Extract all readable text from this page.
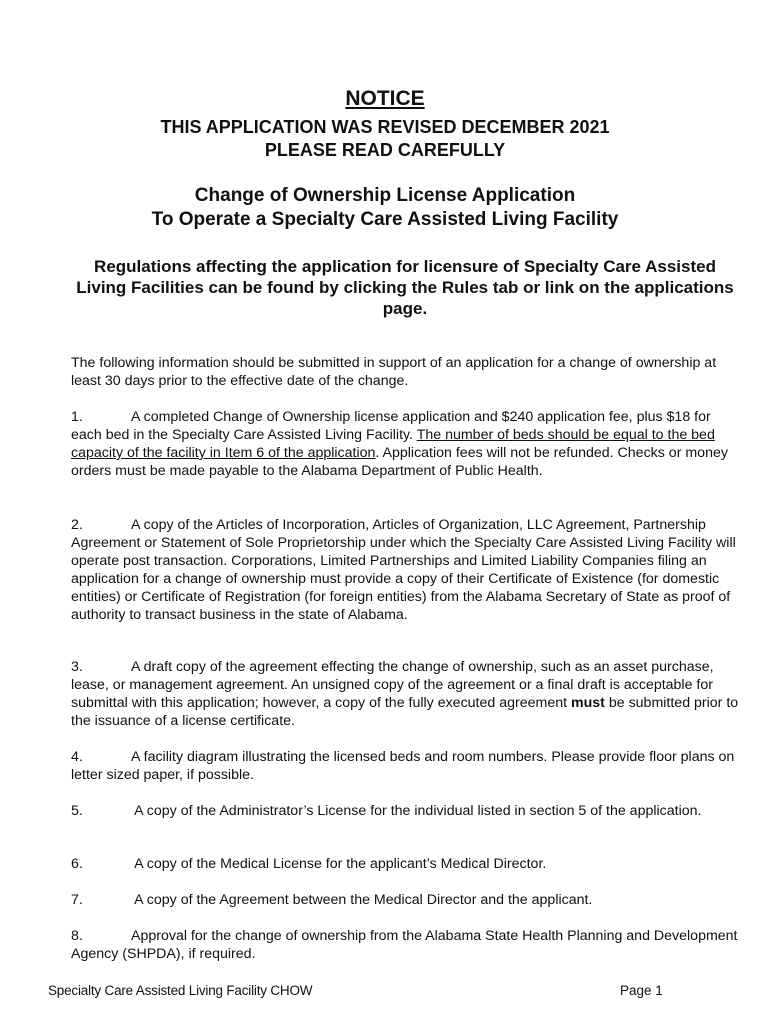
NOTICE
THIS APPLICATION WAS REVISED DECEMBER 2021
PLEASE READ CAREFULLY
Change of Ownership License Application
To Operate a Specialty Care Assisted Living Facility
Regulations affecting the application for licensure of Specialty Care Assisted Living Facilities can be found by clicking the Rules tab or link on the applications page.
The following information should be submitted in support of an application for a change of ownership at least 30 days prior to the effective date of the change.
1.	A completed Change of Ownership license application and $240 application fee, plus $18 for each bed in the Specialty Care Assisted Living Facility. The number of beds should be equal to the bed capacity of the facility in Item 6 of the application. Application fees will not be refunded. Checks or money orders must be made payable to the Alabama Department of Public Health.
2.	A copy of the Articles of Incorporation, Articles of Organization, LLC Agreement, Partnership Agreement or Statement of Sole Proprietorship under which the Specialty Care Assisted Living Facility will operate post transaction. Corporations, Limited Partnerships and Limited Liability Companies filing an application for a change of ownership must provide a copy of their Certificate of Existence (for domestic entities) or Certificate of Registration (for foreign entities) from the Alabama Secretary of State as proof of authority to transact business in the state of Alabama.
3.	A draft copy of the agreement effecting the change of ownership, such as an asset purchase, lease, or management agreement. An unsigned copy of the agreement or a final draft is acceptable for submittal with this application; however, a copy of the fully executed agreement must be submitted prior to the issuance of a license certificate.
4.	A facility diagram illustrating the licensed beds and room numbers. Please provide floor plans on letter sized paper, if possible.
5.	A copy of the Administrator’s License for the individual listed in section 5 of the application.
6.	A copy of the Medical License for the applicant’s Medical Director.
7.	A copy of the Agreement between the Medical Director and the applicant.
8.	Approval for the change of ownership from the Alabama State Health Planning and Development Agency (SHPDA), if required.
Specialty Care Assisted Living Facility CHOW	Page 1
